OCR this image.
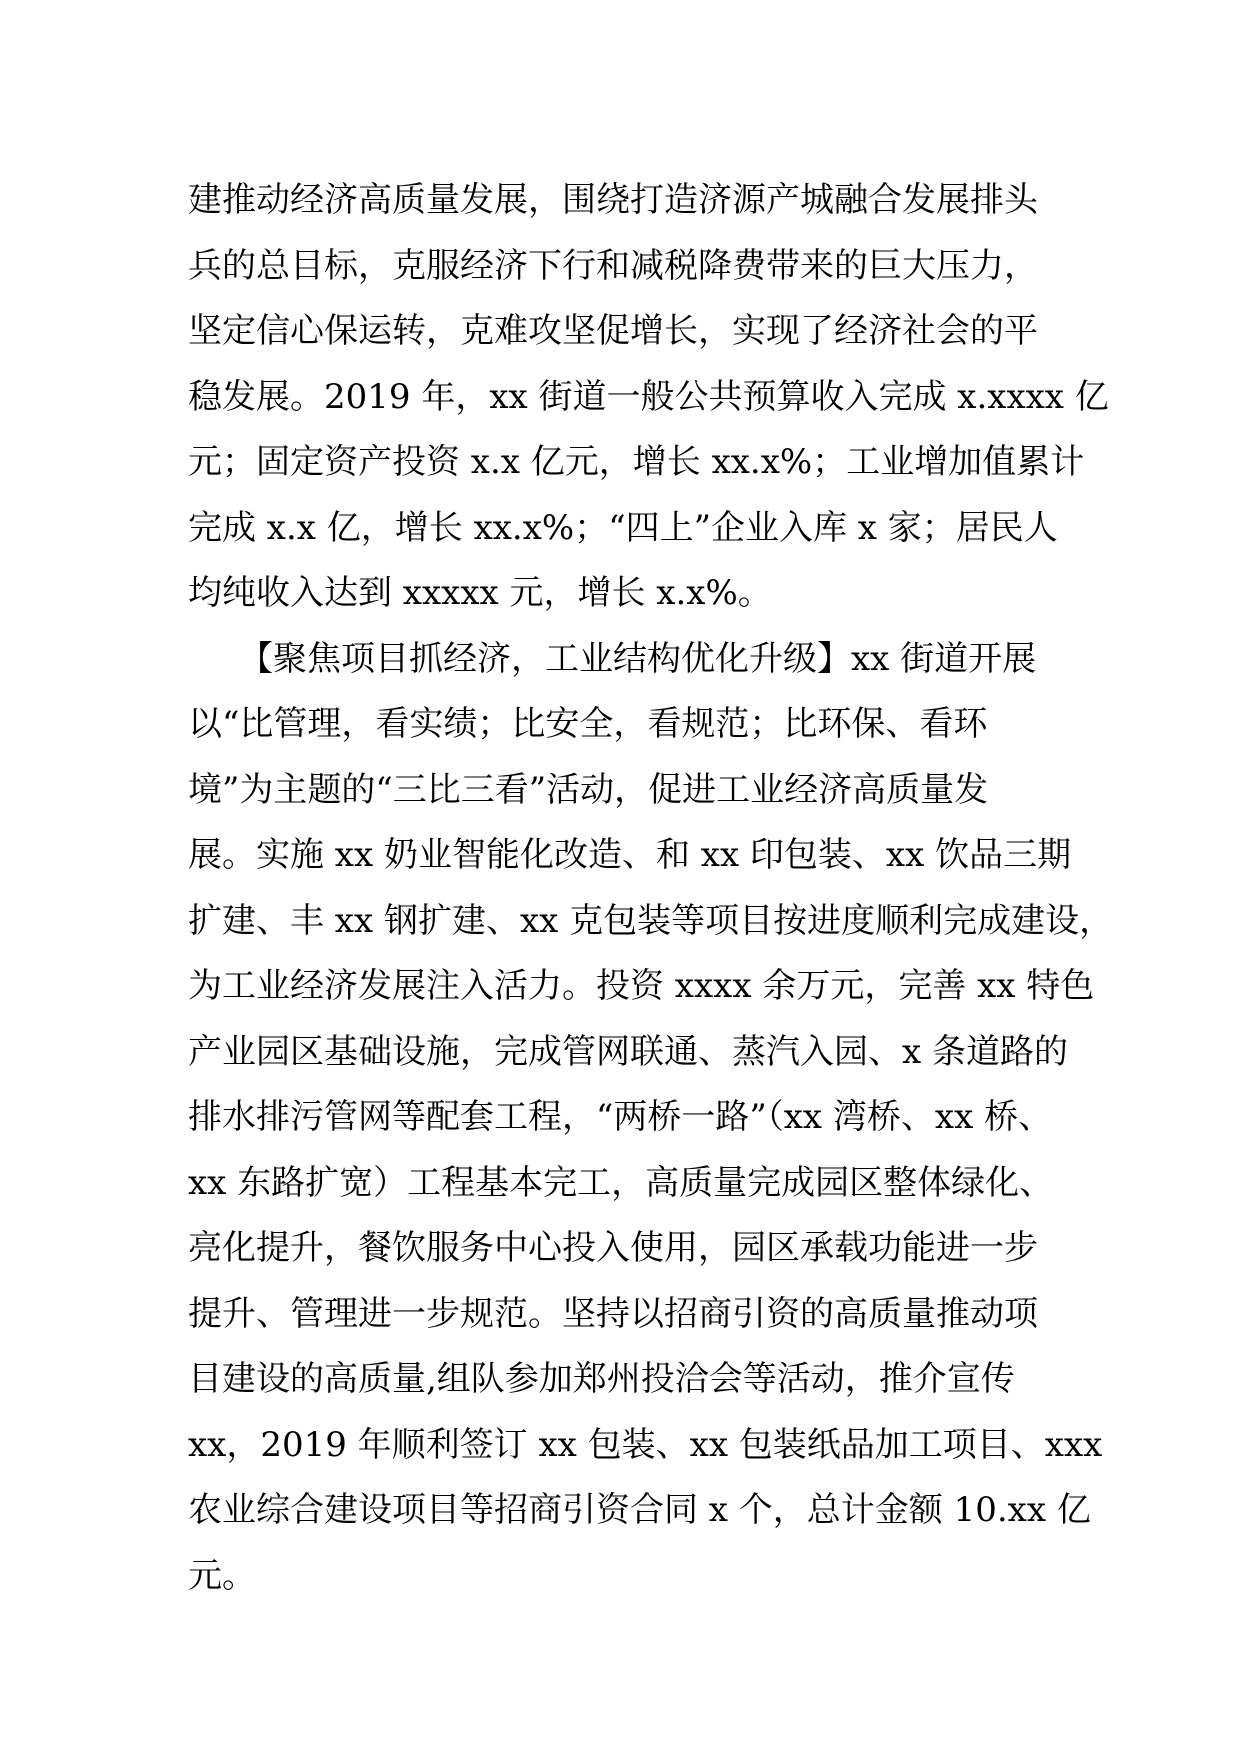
建推动经济高质量发展，围绕打造济源产城融合发展排头
兵的总目标，克服经济下行和减税降费带来的巨大压力，
坚定信心保运转，克难攻坚促增长，实现了经济社会的平
稳发展。2019 年，xx 街道一般公共预算收入完成 x.xxxx 亿
元；固定资产投资 x.x 亿元，增长 xx.x%；工业增加值累计
完成 x.x 亿，增长 xx.x%；“四上”企业入库 x 家；居民人
均纯收入达到 xxxxx 元，增长 x.x%。
　　【聚焦项目抓经济，工业结构优化升级】xx 街道开展
以“比管理，看实绩；比安全，看规范；比环保、看环
境”为主题的“三比三看”活动，促进工业经济高质量发
展。实施 xx 奶业智能化改造、和 xx 印包装、xx 饮品三期
扩建、丰 xx 钢扩建、xx 克包装等项目按进度顺利完成建设，
为工业经济发展注入活力。投资 xxxx 余万元，完善 xx 特色
产业园区基础设施，完成管网联通、蒸汽入园、x 条道路的
排水排污管网等配套工程，“两桥一路”（xx 湾桥、xx 桥、
xx 东路扩宽）工程基本完工，高质量完成园区整体绿化、
亮化提升，餐饮服务中心投入使用，园区承载功能进一步
提升、管理进一步规范。坚持以招商引资的高质量推动项
目建设的高质量,组队参加郑州投洽会等活动，推介宣传
xx，2019 年顺利签订 xx 包装、xx 包装纸品加工项目、xxx
农业综合建设项目等招商引资合同 x 个，总计金额 10.xx 亿
元。
